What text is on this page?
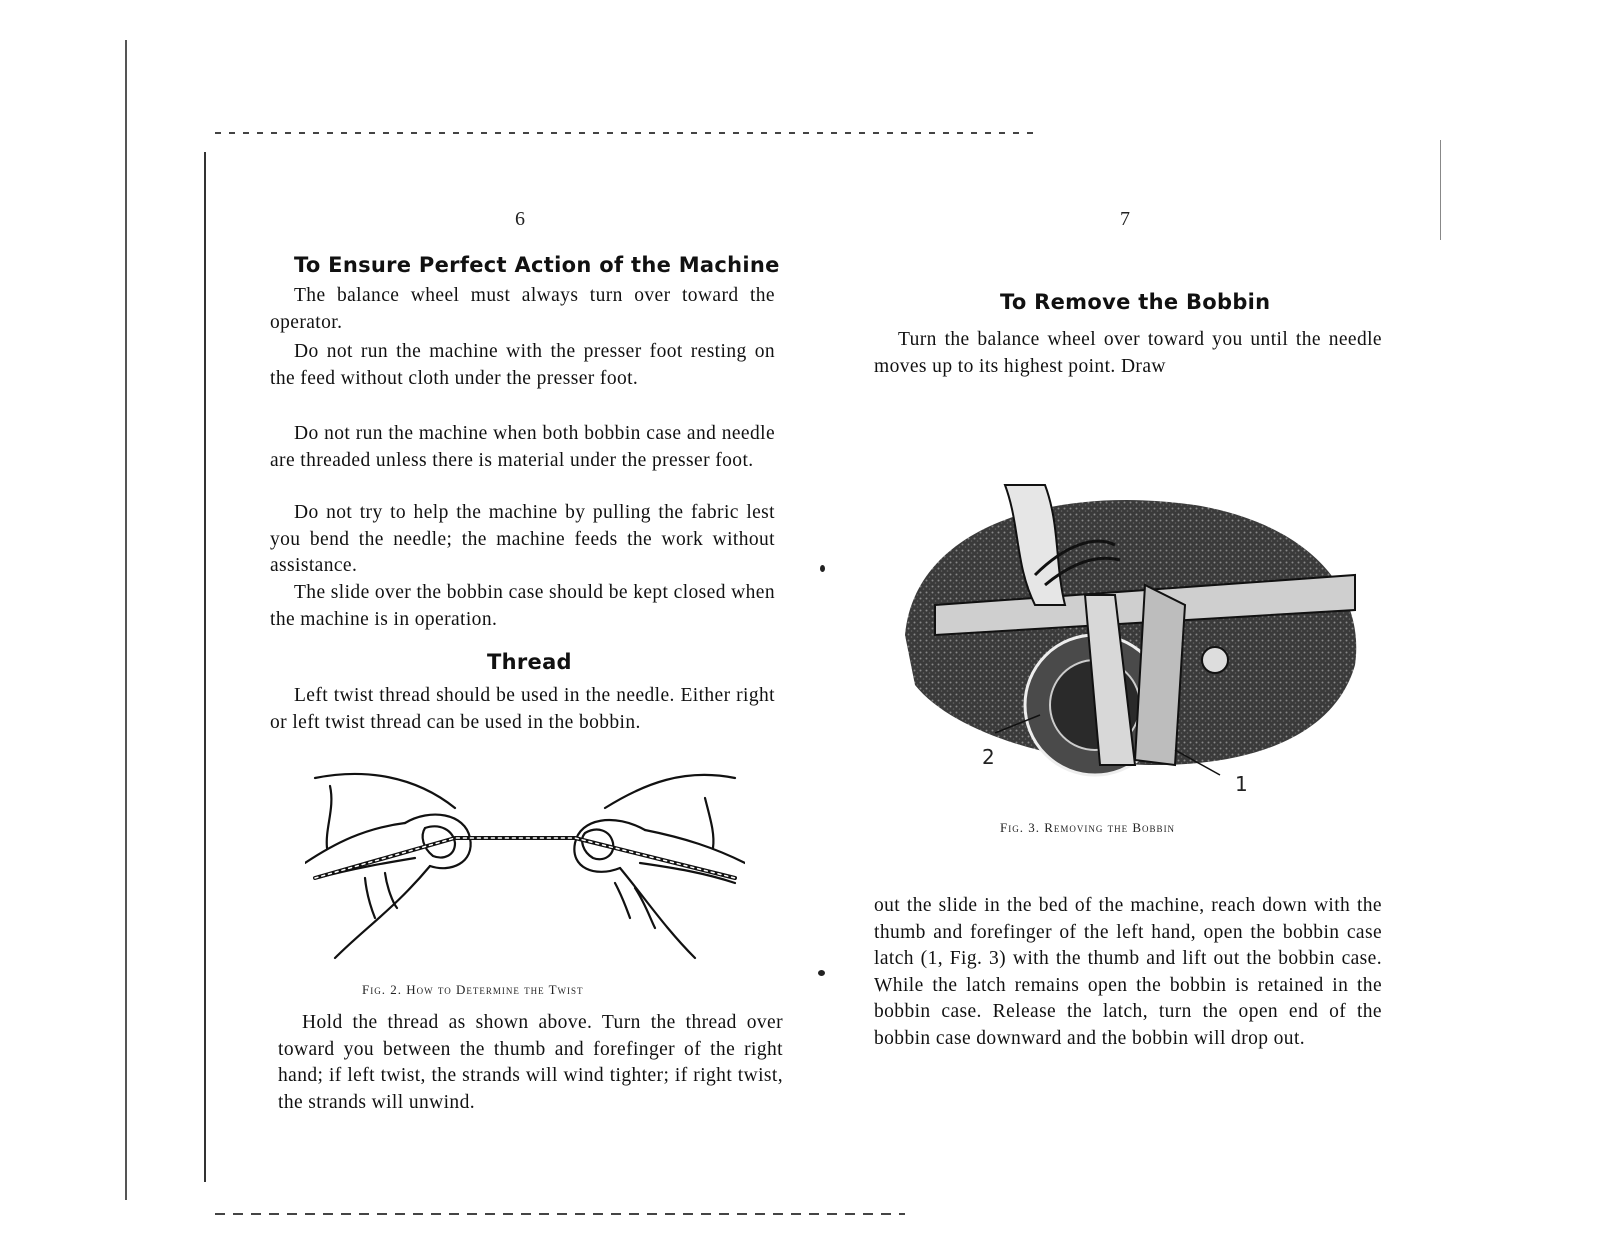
6
To Ensure Perfect Action of the Machine

The balance wheel must always turn over toward the operator.

Do not run the machine with the presser foot resting on the feed without cloth under the presser foot.

Do not run the machine when both bobbin case and needle are threaded unless there is material under the presser foot.

Do not try to help the machine by pulling the fabric lest you bend the needle; the machine feeds the work without assistance.

The slide over the bobbin case should be kept closed when the machine is in operation.

Thread

Left twist thread should be used in the needle. Either right or left twist thread can be used in the bobbin.

Fig. 2. How to Determine the Twist

Hold the thread as shown above. Turn the thread over toward you between the thumb and forefinger of the right hand; if left twist, the strands will wind tighter; if right twist, the strands will unwind.

7
To Remove the Bobbin

Turn the balance wheel over toward you until the needle moves up to its highest point. Draw

2
1
Fig. 3. Removing the Bobbin

out the slide in the bed of the machine, reach down with the thumb and forefinger of the left hand, open the bobbin case latch (1, Fig. 3) with the thumb and lift out the bobbin case. While the latch remains open the bobbin is retained in the bobbin case. Release the latch, turn the open end of the bobbin case downward and the bobbin will drop out.
